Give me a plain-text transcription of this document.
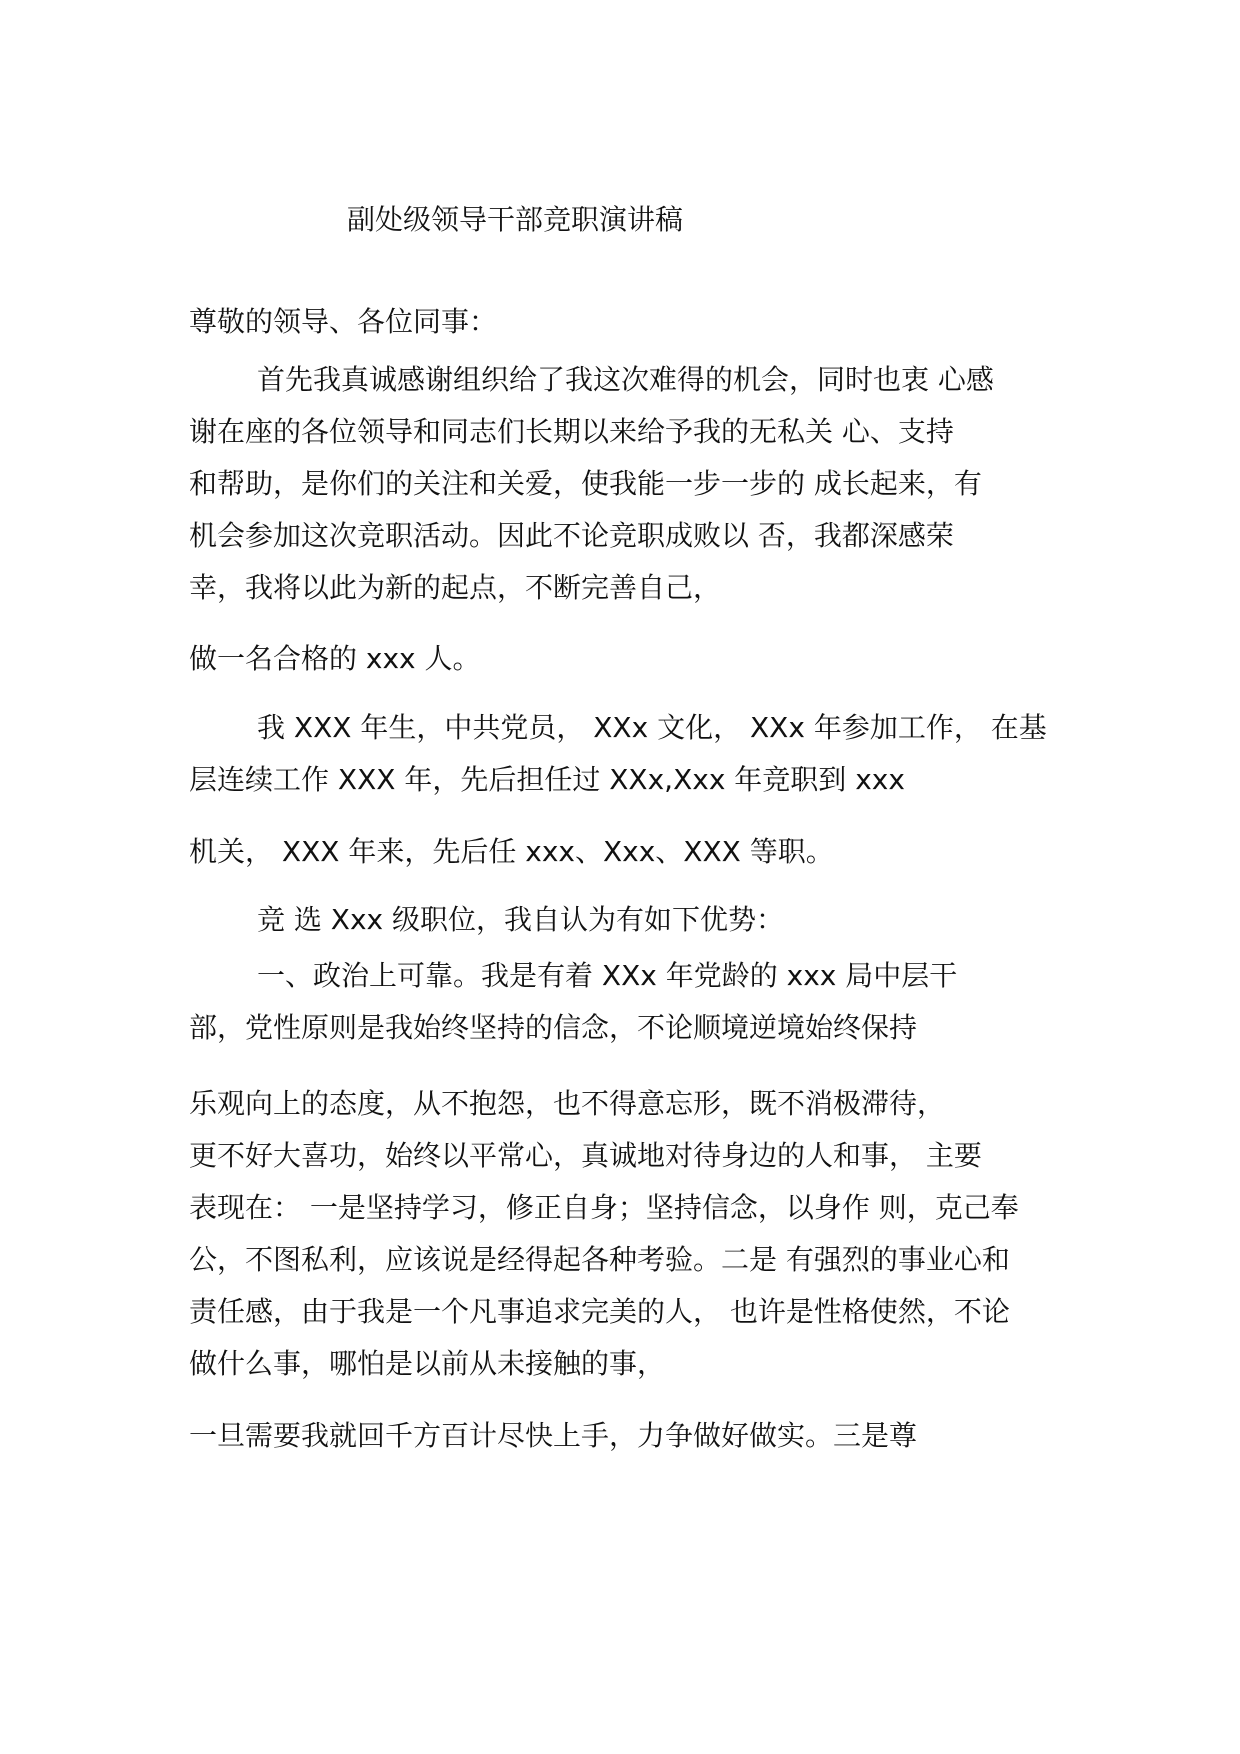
副处级领导干部竞职演讲稿
尊敬的领导、各位同事：
首先我真诚感谢组织给了我这次难得的机会，同时也衷 心感
谢在座的各位领导和同志们长期以来给予我的无私关 心、支持
和帮助，是你们的关注和关爱，使我能一步一步的 成长起来，有
机会参加这次竞职活动。因此不论竞职成败以 否，我都深感荣
幸，我将以此为新的起点，不断完善自己，
做一名合格的 xxx 人。
我 XXX 年生，中共党员， XXx 文化， XXx 年参加工作， 在基
层连续工作 XXX 年，先后担任过 XXx,Xxx 年竞职到 xxx
机关， XXX 年来，先后任 xxx、Xxx、XXX 等职。
竞 选 Xxx 级职位，我自认为有如下优势：
一、政治上可靠。我是有着 XXx 年党龄的 xxx 局中层干
部，党性原则是我始终坚持的信念，不论顺境逆境始终保持
乐观向上的态度，从不抱怨，也不得意忘形，既不消极滞待，
更不好大喜功，始终以平常心，真诚地对待身边的人和事， 主要
表现在： 一是坚持学习，修正自身；坚持信念，以身作 则，克己奉
公，不图私利，应该说是经得起各种考验。二是 有强烈的事业心和
责任感，由于我是一个凡事追求完美的人， 也许是性格使然，不论
做什么事，哪怕是以前从未接触的事，
一旦需要我就回千方百计尽快上手，力争做好做实。三是尊
